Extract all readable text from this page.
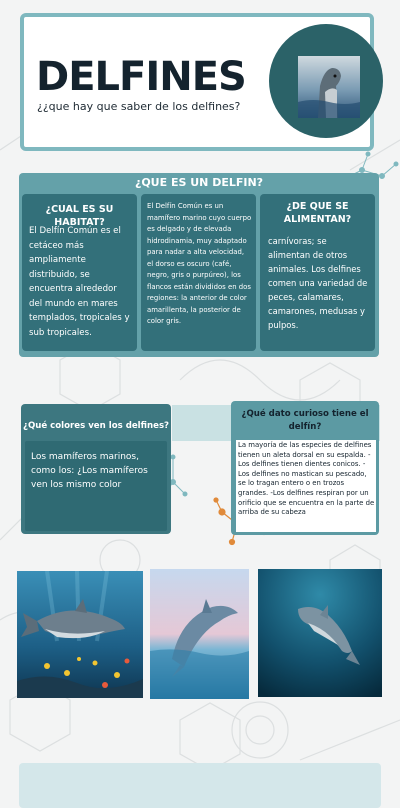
DELFINES
¿¿que hay que saber de los delfines?
¿QUE ES UN DELFIN?
¿CUAL ES SU HABITAT?
El Delfín Común es el cetáceo más ampliamente distribuido, se encuentra alrededor del mundo en mares templados, tropicales y sub tropicales.
El Delfín Común es un mamífero marino cuyo cuerpo es delgado y de elevada hidrodinamia, muy adaptado para nadar a alta velocidad, el dorso es oscuro (café, negro, gris o purpúreo), los flancos están divididos en dos regiones: la anterior de color amarillenta, la posterior de color gris.
¿DE QUE SE ALIMENTAN?
carnívoras; se alimentan de otros animales. Los delfines comen una variedad de peces, calamares, camarones, medusas y pulpos.
¿Qué colores ven los delfines?
Los mamíferos marinos, como los: ¿Los mamíferos ven los mismo color
¿Qué dato curioso tiene el delfín?
La mayoría de las especies de delfines tienen un aleta dorsal en su espalda. -Los delfines tienen dientes conicos. -Los delfines no mastican su pescado, se lo tragan entero o en trozos grandes. -Los delfines respiran por un orificio que se encuentra en la parte de arriba de su cabeza
